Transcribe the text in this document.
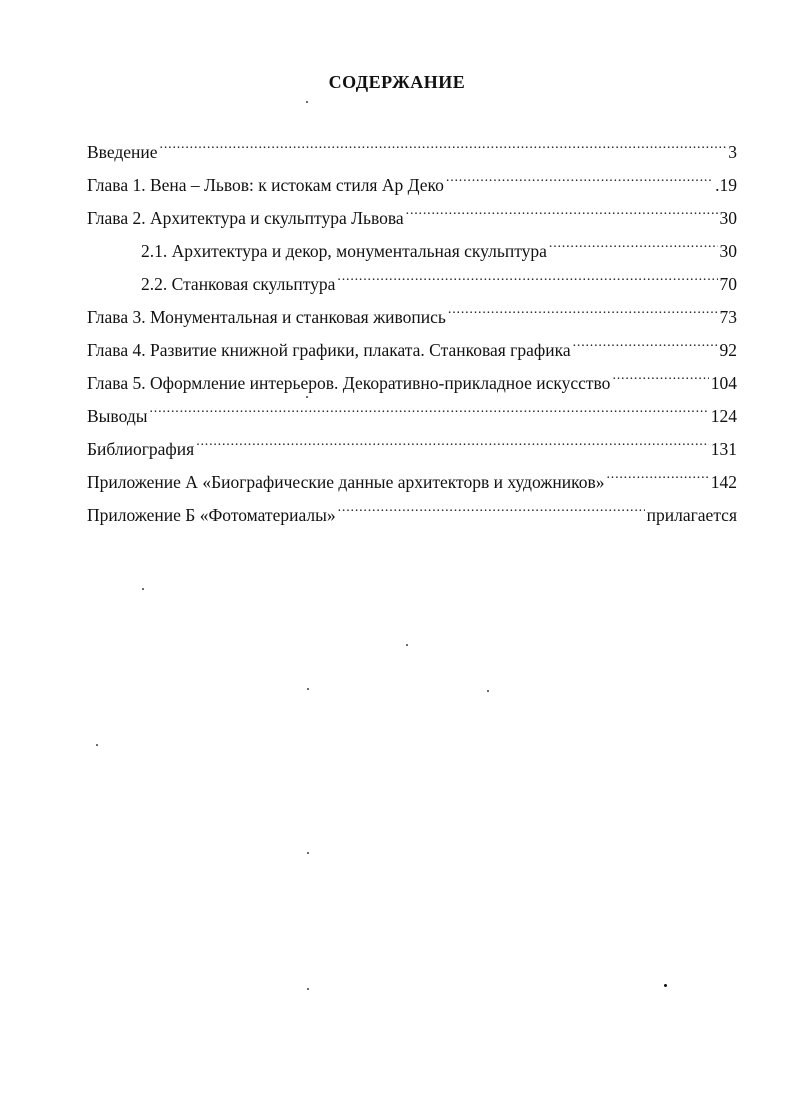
СОДЕРЖАНИЕ
Введение .....	3
Глава 1. Вена – Львов: к истокам стиля Ар Деко .....	.19
Глава 2. Архитектура и скульптура Львова .....	30
2.1. Архитектура и декор, монументальная скульптура .....	30
2.2. Станковая скульптура .....	70
Глава 3. Монументальная и станковая живопись .....	73
Глава 4. Развитие книжной графики, плаката. Станковая графика .....	92
Глава 5. Оформление интерьеров. Декоративно-прикладное искусство .....	104
Выводы .....	124
Библиография .....	131
Приложение А «Биографические данные архитекторв и художников» .....	142
Приложение Б «Фотоматериалы» .....	прилагается
